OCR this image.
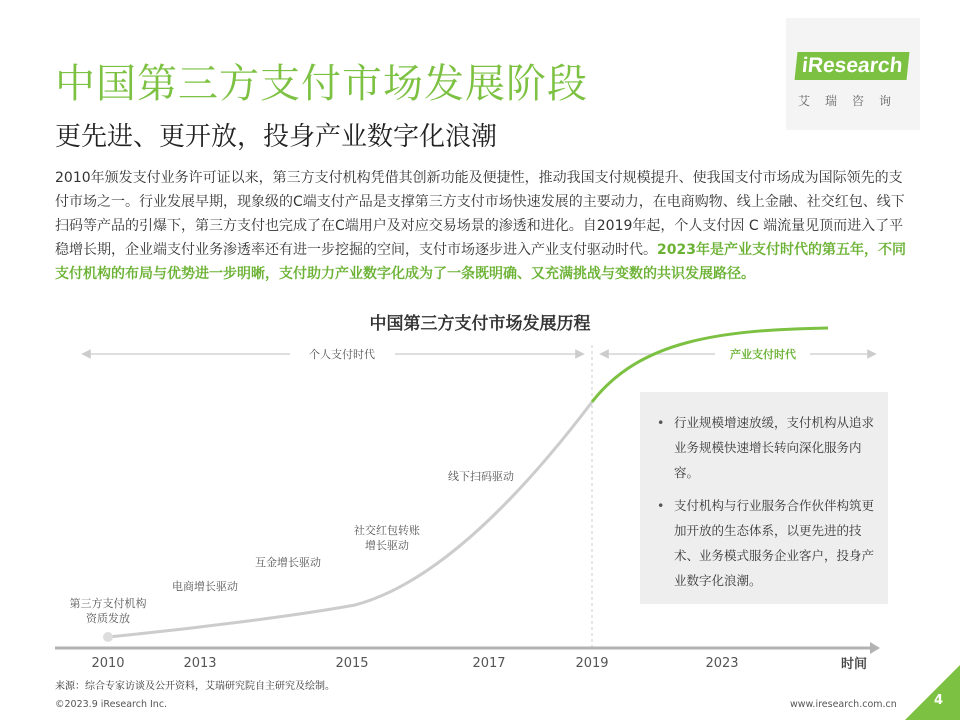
中国第三方支付市场发展阶段
更先进、更开放，投身产业数字化浪潮
iResearch
艾瑞咨询
2010年颁发支付业务许可证以来，第三方支付机构凭借其创新功能及便捷性，推动我国支付规模提升、使我国支付市场成为国际领先的支付市场之一。行业发展早期，现象级的C端支付产品是支撑第三方支付市场快速发展的主要动力，在电商购物、线上金融、社交红包、线下扫码等产品的引爆下，第三方支付也完成了在C端用户及对应交易场景的渗透和进化。自2019年起，个人支付因 C 端流量见顶而进入了平稳增长期，企业端支付业务渗透率还有进一步挖掘的空间，支付市场逐步进入产业支付驱动时代。2023年是产业支付时代的第五年，不同支付机构的布局与优势进一步明晰，支付助力产业数字化成为了一条既明确、又充满挑战与变数的共识发展路径。
中国第三方支付市场发展历程
个人支付时代	产业支付时代
第三方支付机构
资质发放
电商增长驱动
互金增长驱动
社交红包转账
增长驱动
线下扫码驱动
2010	2013	2015	2017	2019	2023	时间
• 行业规模增速放缓，支付机构从追求业务规模快速增长转向深化服务内容。
• 支付机构与行业服务合作伙伴构筑更加开放的生态体系，以更先进的技术、业务模式服务企业客户，投身产业数字化浪潮。
来源：综合专家访谈及公开资料，艾瑞研究院自主研究及绘制。
©2023.9 iResearch Inc.	www.iresearch.com.cn	4
